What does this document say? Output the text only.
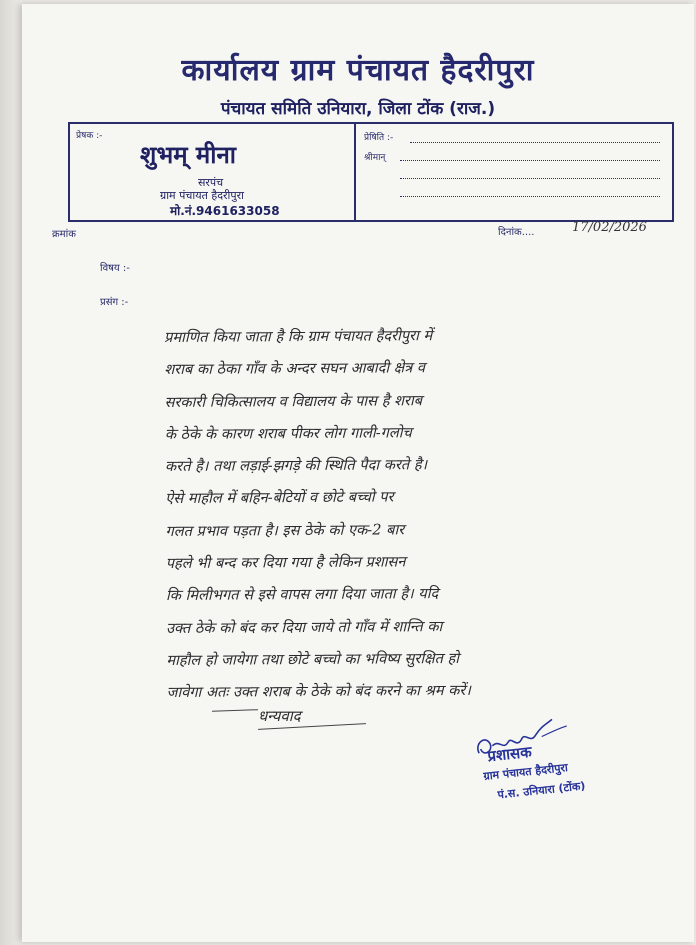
कार्यालय ग्राम पंचायत हैदरीपुरा
पंचायत समिति उनियारा, जिला टोंक (राज.)
प्रेषक :-
शुभम् मीना
सरपंच
ग्राम पंचायत हैदरीपुरा
मो.नं.9461633058
प्रेषिति :-
श्रीमान्
क्रमांक	दिनांक....	17/02/2026
विषय :-
प्रसंग :-
प्रमाणित किया जाता है कि ग्राम पंचायत हैदरीपुरा में
शराब का ठेका गाँव के अन्दर सघन आबादी क्षेत्र व
सरकारी चिकित्सालय व विद्यालय के पास है शराब
के ठेके के कारण शराब पीकर लोग गाली-गलोच
करते है। तथा लड़ाई-झगड़े की स्थिति पैदा करते है।
ऐसे माहौल में बहिन-बेटियों व छोटे बच्चो पर
गलत प्रभाव पड़ता है। इस ठेके को एक-2 बार
पहले भी बन्द कर दिया गया है लेकिन प्रशासन
कि मिलीभगत से इसे वापस लगा दिया जाता है। यदि
उक्त ठेके को बंद कर दिया जाये तो गाँव में शान्ति का
माहौल हो जायेगा तथा छोटे बच्चो का भविष्य सुरक्षित हो
जावेगा अतः उक्त शराब के ठेके को बंद करने का श्रम करें।
धन्यवाद
प्रशासक
ग्राम पंचायत हैदरीपुरा
पं.स. उनियारा (टोंक)
